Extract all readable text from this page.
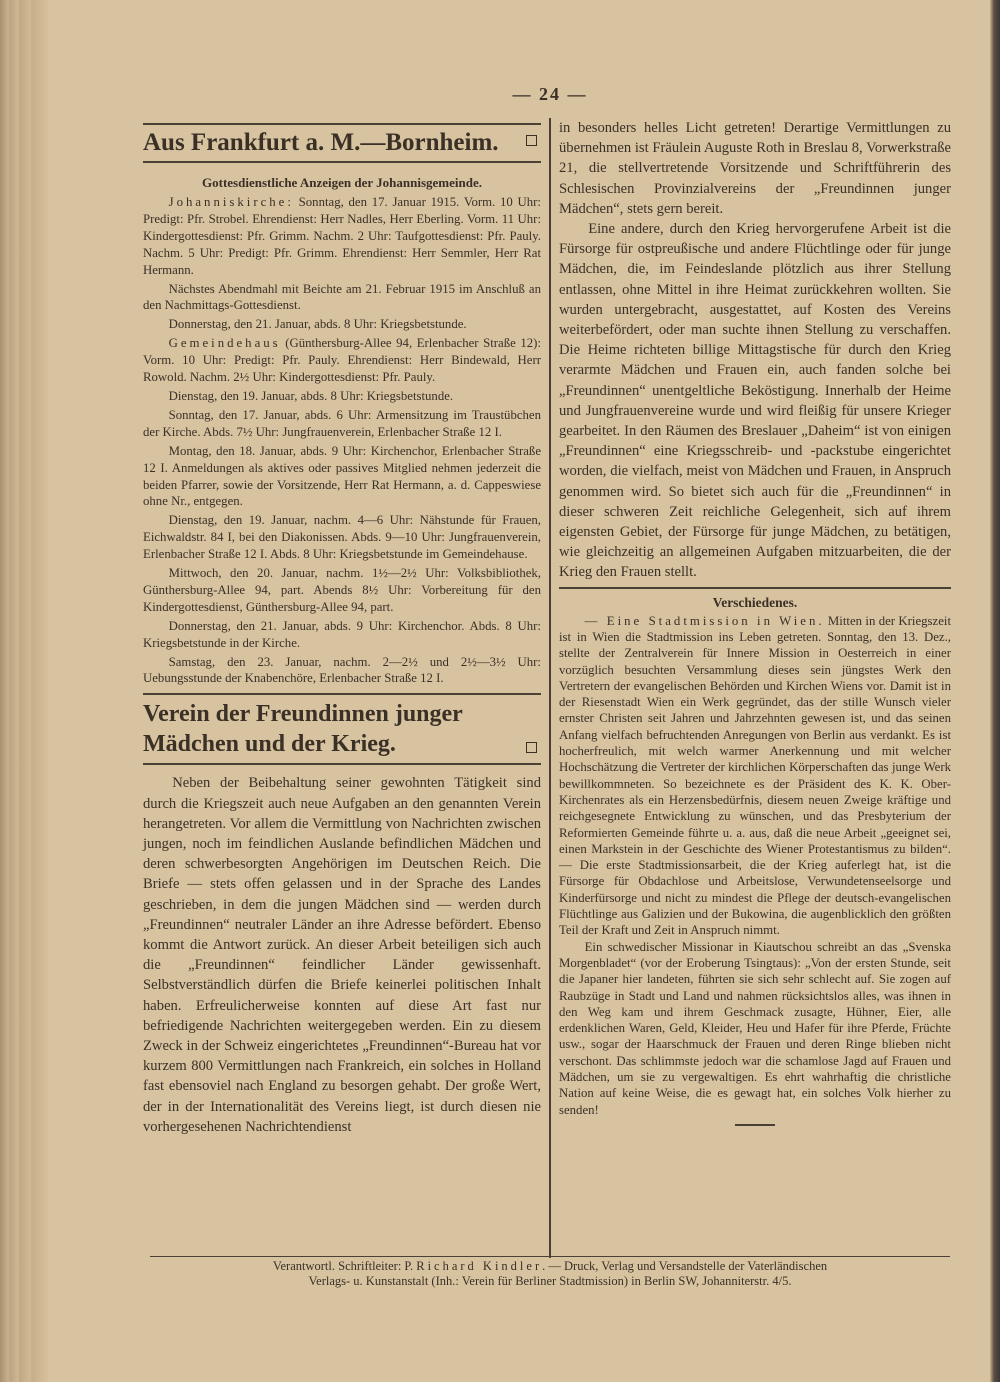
— 24 —
Aus Frankfurt a. M.—Bornheim.
Gottesdienstliche Anzeigen der Johannisgemeinde.

Johanniskirche: Sonntag, den 17. Januar 1915. Vorm. 10 Uhr: Predigt: Pfr. Strobel. Ehrendienst: Herr Nadles, Herr Eberling. Vorm. 11 Uhr: Kindergottesdienst: Pfr. Grimm. Nachm. 2 Uhr: Taufgottesdienst: Pfr. Pauly. Nachm. 5 Uhr: Predigt: Pfr. Grimm. Ehrendienst: Herr Semmler, Herr Rat Hermann.

Nächstes Abendmahl mit Beichte am 21. Februar 1915 im Anschluß an den Nachmittags-Gottesdienst.

Donnerstag, den 21. Januar, abds. 8 Uhr: Kriegsbetstunde.

Gemeindehaus (Günthersburg-Allee 94, Erlenbacher Straße 12): Vorm. 10 Uhr: Predigt: Pfr. Pauly. Ehrendienst: Herr Bindewald, Herr Rowold. Nachm. 2½ Uhr: Kindergottesdienst: Pfr. Pauly.

Dienstag, den 19. Januar, abds. 8 Uhr: Kriegsbetstunde.

Sonntag, den 17. Januar, abds. 6 Uhr: Armensitzung im Traustübchen der Kirche. Abds. 7½ Uhr: Jungfrauenverein, Erlenbacher Straße 12 I.

Montag, den 18. Januar, abds. 9 Uhr: Kirchenchor, Erlenbacher Straße 12 I. Anmeldungen als aktives oder passives Mitglied nehmen jederzeit die beiden Pfarrer, sowie der Vorsitzende, Herr Rat Hermann, a. d. Cappeswiese ohne Nr., entgegen.

Dienstag, den 19. Januar, nachm. 4—6 Uhr: Nähstunde für Frauen, Eichwaldstr. 84 I, bei den Diakonissen. Abds. 9—10 Uhr: Jungfrauenverein, Erlenbacher Straße 12 I. Abds. 8 Uhr: Kriegsbetstunde im Gemeindehause.

Mittwoch, den 20. Januar, nachm. 1½—2½ Uhr: Volksbibliothek, Günthersburg-Allee 94, part. Abends 8½ Uhr: Vorbereitung für den Kindergottesdienst, Günthersburg-Allee 94, part.

Donnerstag, den 21. Januar, abds. 9 Uhr: Kirchenchor. Abds. 8 Uhr: Kriegsbetstunde in der Kirche.

Samstag, den 23. Januar, nachm. 2—2½ und 2½—3½ Uhr: Uebungsstunde der Knabenchöre, Erlenbacher Straße 12 I.

Verein der Freundinnen junger Mädchen und der Krieg.

Neben der Beibehaltung seiner gewohnten Tätigkeit sind durch die Kriegszeit auch neue Aufgaben an den genannten Verein herangetreten. Vor allem die Vermittlung von Nachrichten zwischen jungen, noch im feindlichen Auslande befindlichen Mädchen und deren schwerbesorgten Angehörigen im Deutschen Reich. Die Briefe — stets offen gelassen und in der Sprache des Landes geschrieben, in dem die jungen Mädchen sind — werden durch „Freundinnen“ neutraler Länder an ihre Adresse befördert. Ebenso kommt die Antwort zurück. An dieser Arbeit beteiligen sich auch die „Freundinnen“ feindlicher Länder gewissenhaft. Selbstverständlich dürfen die Briefe keinerlei politischen Inhalt haben. Erfreulicherweise konnten auf diese Art fast nur befriedigende Nachrichten weitergegeben werden. Ein zu diesem Zweck in der Schweiz eingerichtetes „Freundinnen“-Bureau hat vor kurzem 800 Vermittlungen nach Frankreich, ein solches in Holland fast ebensoviel nach England zu besorgen gehabt. Der große Wert, der in der Internationalität des Vereins liegt, ist durch diesen nie vorhergesehenen Nachrichtendienst

in besonders helles Licht getreten! Derartige Vermittlungen zu übernehmen ist Fräulein Auguste Roth in Breslau 8, Vorwerkstraße 21, die stellvertretende Vorsitzende und Schriftführerin des Schlesischen Provinzialvereins der „Freundinnen junger Mädchen“, stets gern bereit.

Eine andere, durch den Krieg hervorgerufene Arbeit ist die Fürsorge für ostpreußische und andere Flüchtlinge oder für junge Mädchen, die, im Feindeslande plötzlich aus ihrer Stellung entlassen, ohne Mittel in ihre Heimat zurückkehren wollten. Sie wurden untergebracht, ausgestattet, auf Kosten des Vereins weiterbefördert, oder man suchte ihnen Stellung zu verschaffen. Die Heime richteten billige Mittagstische für durch den Krieg verarmte Mädchen und Frauen ein, auch fanden solche bei „Freundinnen“ unentgeltliche Beköstigung. Innerhalb der Heime und Jungfrauenvereine wurde und wird fleißig für unsere Krieger gearbeitet. In den Räumen des Breslauer „Daheim“ ist von einigen „Freundinnen“ eine Kriegsschreib- und -packstube eingerichtet worden, die vielfach, meist von Mädchen und Frauen, in Anspruch genommen wird. So bietet sich auch für die „Freundinnen“ in dieser schweren Zeit reichliche Gelegenheit, sich auf ihrem eigensten Gebiet, der Fürsorge für junge Mädchen, zu betätigen, wie gleichzeitig an allgemeinen Aufgaben mitzuarbeiten, die der Krieg den Frauen stellt.

Verschiedenes.

— Eine Stadtmission in Wien. Mitten in der Kriegszeit ist in Wien die Stadtmission ins Leben getreten. Sonntag, den 13. Dez., stellte der Zentralverein für Innere Mission in Oesterreich in einer vorzüglich besuchten Versammlung dieses sein jüngstes Werk den Vertretern der evangelischen Behörden und Kirchen Wiens vor. Damit ist in der Riesenstadt Wien ein Werk gegründet, das der stille Wunsch vieler ernster Christen seit Jahren und Jahrzehnten gewesen ist, und das seinen Anfang vielfach befruchtenden Anregungen von Berlin aus verdankt. Es ist hocherfreulich, mit welch warmer Anerkennung und mit welcher Hochschätzung die Vertreter der kirchlichen Körperschaften das junge Werk bewillkommneten. So bezeichnete es der Präsident des K. K. Ober-Kirchenrates als ein Herzensbedürfnis, diesem neuen Zweige kräftige und reichgesegnete Entwicklung zu wünschen, und das Presbyterium der Reformierten Gemeinde führte u. a. aus, daß die neue Arbeit „geeignet sei, einen Markstein in der Geschichte des Wiener Protestantismus zu bilden“. — Die erste Stadtmissionsarbeit, die der Krieg auferlegt hat, ist die Fürsorge für Obdachlose und Arbeitslose, Verwundetenseelsorge und Kinderfürsorge und nicht zu mindest die Pflege der deutsch-evangelischen Flüchtlinge aus Galizien und der Bukowina, die augenblicklich den größten Teil der Kraft und Zeit in Anspruch nimmt.

Ein schwedischer Missionar in Kiautschou schreibt an das „Svenska Morgenbladet“ (vor der Eroberung Tsingtaus): „Von der ersten Stunde, seit die Japaner hier landeten, führten sie sich sehr schlecht auf. Sie zogen auf Raubzüge in Stadt und Land und nahmen rücksichtslos alles, was ihnen in den Weg kam und ihrem Geschmack zusagte, Hühner, Eier, alle erdenklichen Waren, Geld, Kleider, Heu und Hafer für ihre Pferde, Früchte usw., sogar der Haarschmuck der Frauen und deren Ringe blieben nicht verschont. Das schlimmste jedoch war die schamlose Jagd auf Frauen und Mädchen, um sie zu vergewaltigen. Es ehrt wahrhaftig die christliche Nation auf keine Weise, die es gewagt hat, ein solches Volk hierher zu senden!

Verantwortl. Schriftleiter: P. Richard Kindler. — Druck, Verlag und Versandstelle der Vaterländischen
Verlags- u. Kunstanstalt (Inh.: Verein für Berliner Stadtmission) in Berlin SW, Johanniterstr. 4/5.
